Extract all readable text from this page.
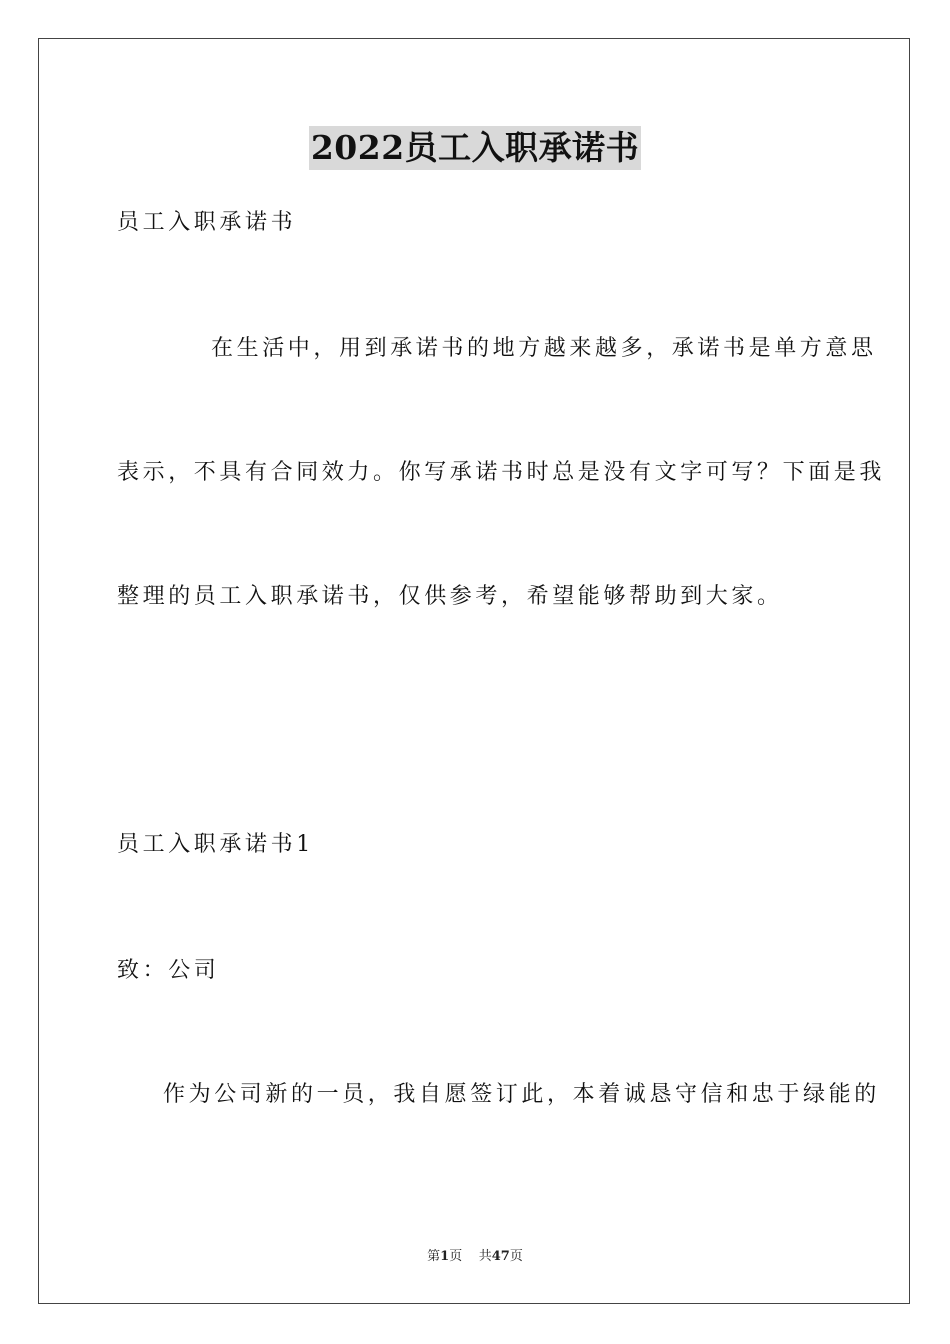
2022员工入职承诺书
员工入职承诺书
在生活中，用到承诺书的地方越来越多，承诺书是单方意思
表示，不具有合同效力。你写承诺书时总是没有文字可写？下面是我
整理的员工入职承诺书，仅供参考，希望能够帮助到大家。
员工入职承诺书1
致：公司
作为公司新的一员，我自愿签订此，本着诚恳守信和忠于绿能的
第1页 共47页
